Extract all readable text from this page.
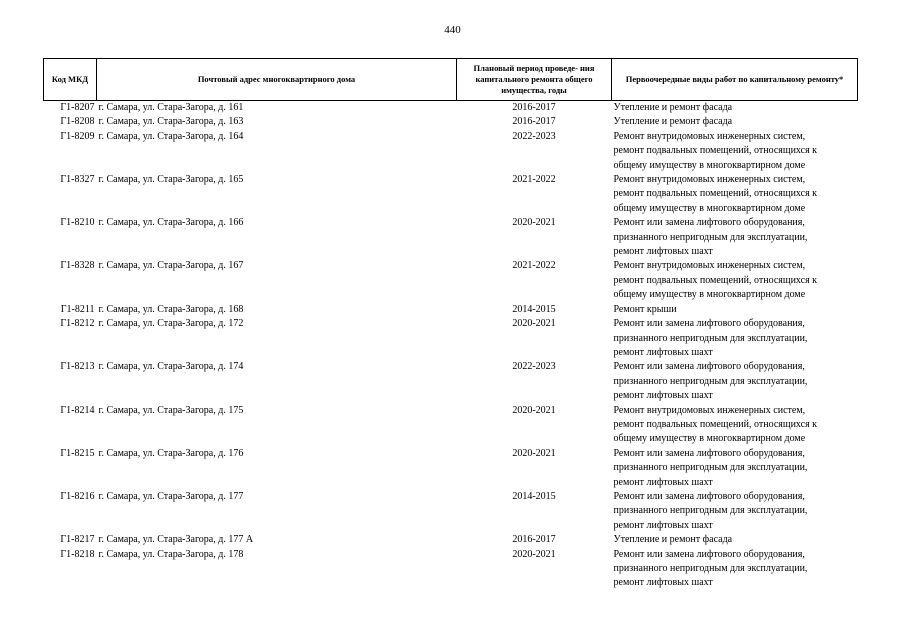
440
Код МКД	Почтовый адрес многоквартирного дома	Плановый период проведе- ния капитального ремонта общего имущества, годы	Первоочередные виды работ по капитальному ремонту*
Г1-8207	г. Самара, ул. Стара-Загора, д. 161	2016-2017	Утепление и ремонт фасада

Г1-8208	г. Самара, ул. Стара-Загора, д. 163	2016-2017	Утепление и ремонт фасада

Г1-8209	г. Самара, ул. Стара-Загора, д. 164	2022-2023	Ремонт внутридомовых инженерных систем,
ремонт подвальных помещений, относящихся к
общему имуществу в многоквартирном доме

Г1-8327	г. Самара, ул. Стара-Загора, д. 165	2021-2022	Ремонт внутридомовых инженерных систем,
ремонт подвальных помещений, относящихся к
общему имуществу в многоквартирном доме

Г1-8210	г. Самара, ул. Стара-Загора, д. 166	2020-2021	Ремонт или замена лифтового оборудования,
признанного непригодным для эксплуатации,
ремонт лифтовых шахт

Г1-8328	г. Самара, ул. Стара-Загора, д. 167	2021-2022	Ремонт внутридомовых инженерных систем,
ремонт подвальных помещений, относящихся к
общему имуществу в многоквартирном доме

Г1-8211	г. Самара, ул. Стара-Загора, д. 168	2014-2015	Ремонт крыши

Г1-8212	г. Самара, ул. Стара-Загора, д. 172	2020-2021	Ремонт или замена лифтового оборудования,
признанного непригодным для эксплуатации,
ремонт лифтовых шахт

Г1-8213	г. Самара, ул. Стара-Загора, д. 174	2022-2023	Ремонт или замена лифтового оборудования,
признанного непригодным для эксплуатации,
ремонт лифтовых шахт

Г1-8214	г. Самара, ул. Стара-Загора, д. 175	2020-2021	Ремонт внутридомовых инженерных систем,
ремонт подвальных помещений, относящихся к
общему имуществу в многоквартирном доме

Г1-8215	г. Самара, ул. Стара-Загора, д. 176	2020-2021	Ремонт или замена лифтового оборудования,
признанного непригодным для эксплуатации,
ремонт лифтовых шахт

Г1-8216	г. Самара, ул. Стара-Загора, д. 177	2014-2015	Ремонт или замена лифтового оборудования,
признанного непригодным для эксплуатации,
ремонт лифтовых шахт

Г1-8217	г. Самара, ул. Стара-Загора, д. 177 А	2016-2017	Утепление и ремонт фасада

Г1-8218	г. Самара, ул. Стара-Загора, д. 178	2020-2021	Ремонт или замена лифтового оборудования,
признанного непригодным для эксплуатации,
ремонт лифтовых шахт
